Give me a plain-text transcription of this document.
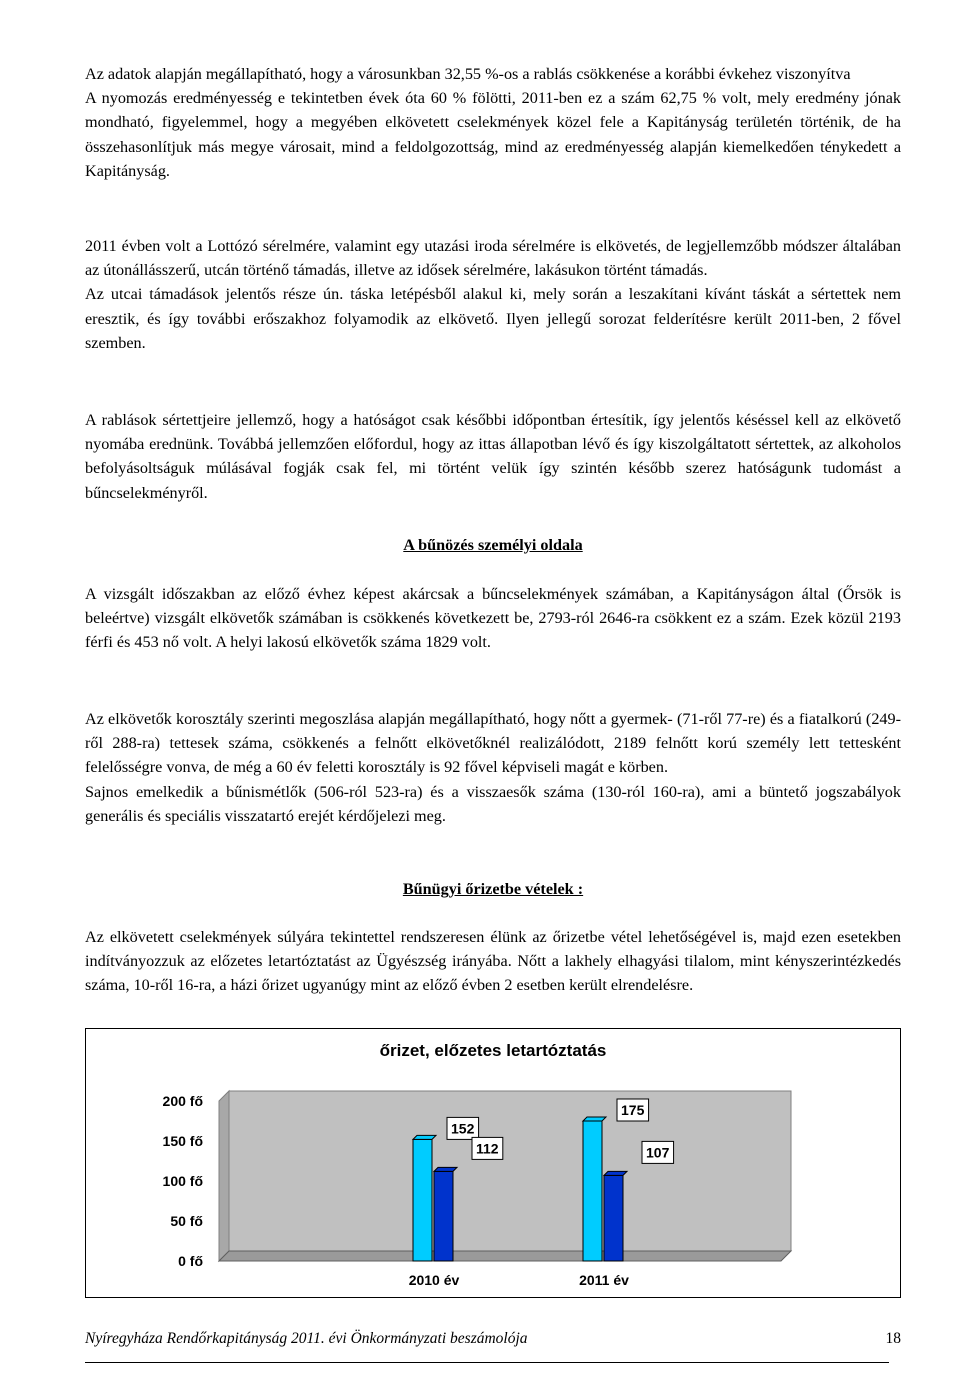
Az adatok alapján megállapítható, hogy a városunkban 32,55 %-os a rablás csökkenése a korábbi évkehez viszonyítva

A nyomozás eredményesség e tekintetben évek óta 60 % fölötti, 2011-ben ez a szám 62,75 % volt, mely eredmény jónak mondható, figyelemmel, hogy a megyében elkövetett cselekmények közel fele a Kapitányság területén történik, de ha összehasonlítjuk más megye városait, mind a feldolgozottság, mind az eredményesség alapján kiemelkedően ténykedett a Kapitányság.

2011 évben volt a Lottózó sérelmére, valamint egy utazási iroda sérelmére is elkövetés, de legjellemzőbb módszer általában az útonállásszerű, utcán történő támadás, illetve az idősek sérelmére, lakásukon történt támadás.

Az utcai támadások jelentős része ún. táska letépésből alakul ki, mely során a leszakítani kívánt táskát a sértettek nem eresztik, és így további erőszakhoz folyamodik az elkövető. Ilyen jellegű sorozat felderítésre került 2011-ben, 2 fővel szemben.

A rablások sértettjeire jellemző, hogy a hatóságot csak későbbi időpontban értesítik, így jelentős késéssel kell az elkövető nyomába erednünk. Továbbá jellemzően előfordul, hogy az ittas állapotban lévő és így kiszolgáltatott sértettek, az alkoholos befolyásoltságuk múlásával fogják csak fel, mi történt velük így szintén később szerez hatóságunk tudomást a bűncselekményről.

A bűnözés személyi oldala

A vizsgált időszakban az előző évhez képest akárcsak a bűncselekmények számában, a Kapitányságon által (Őrsök is beleértve) vizsgált elkövetők számában is csökkenés következett be, 2793-ról 2646-ra csökkent ez a szám. Ezek közül 2193 férfi és 453 nő volt. A helyi lakosú elkövetők száma 1829 volt.

Az elkövetők korosztály szerinti megoszlása alapján megállapítható, hogy nőtt a gyermek- (71-ről 77-re) és a fiatalkorú (249-ről 288-ra) tettesek száma, csökkenés a felnőtt elkövetőknél realizálódott, 2189 felnőtt korú személy lett tettesként felelősségre vonva, de még a 60 év feletti korosztály is 92 fővel képviseli magát e körben.

Sajnos emelkedik a bűnismétlők (506-ról 523-ra) és a visszaesők száma (130-ról 160-ra), ami a büntető jogszabályok generális és speciális visszatartó erejét kérdőjelezi meg.

Bűnügyi őrizetbe vételek :

Az elkövetett cselekmények súlyára tekintettel rendszeresen élünk az őrizetbe vétel lehetőségével is, majd ezen esetekben indítványozzuk az előzetes letartóztatást az Ügyészség irányába. Nőtt a lakhely elhagyási tilalom, mint kényszerintézkedés száma, 10-ről 16-ra, a házi őrizet ugyanúgy mint az előző évben 2 esetben került elrendelésre.

őrizet, előzetes letartóztatás
0 fő
50 fő
100 fő
150 fő
200 fő
152
112
2010 év
175
107
2011 év
Nyíregyháza Rendőrkapitányság 2011. évi Önkormányzati beszámolója	18
